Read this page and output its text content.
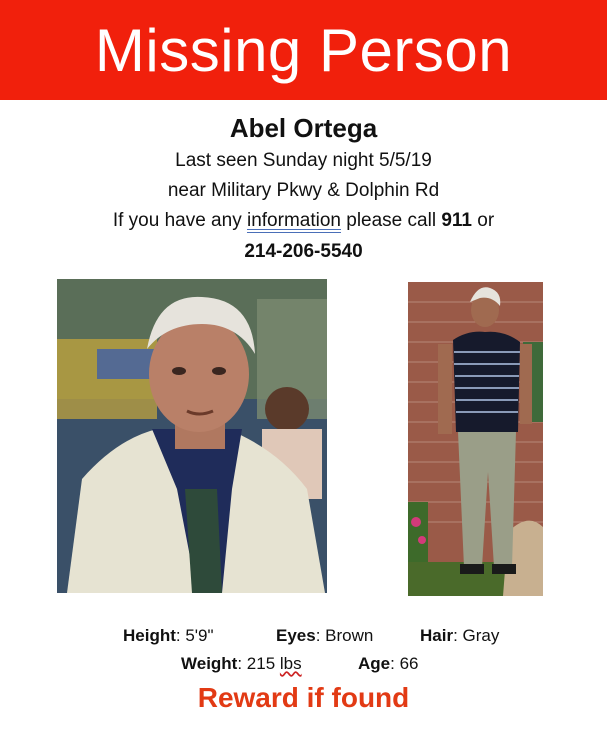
Missing Person
Abel Ortega
Last seen Sunday night 5/5/19
near Military Pkwy & Dolphin Rd
If you have any information please call 911 or
214-206-5540
Height: 5'9"	Eyes: Brown	Hair: Gray
Weight: 215 lbs	Age: 66
Reward if found
